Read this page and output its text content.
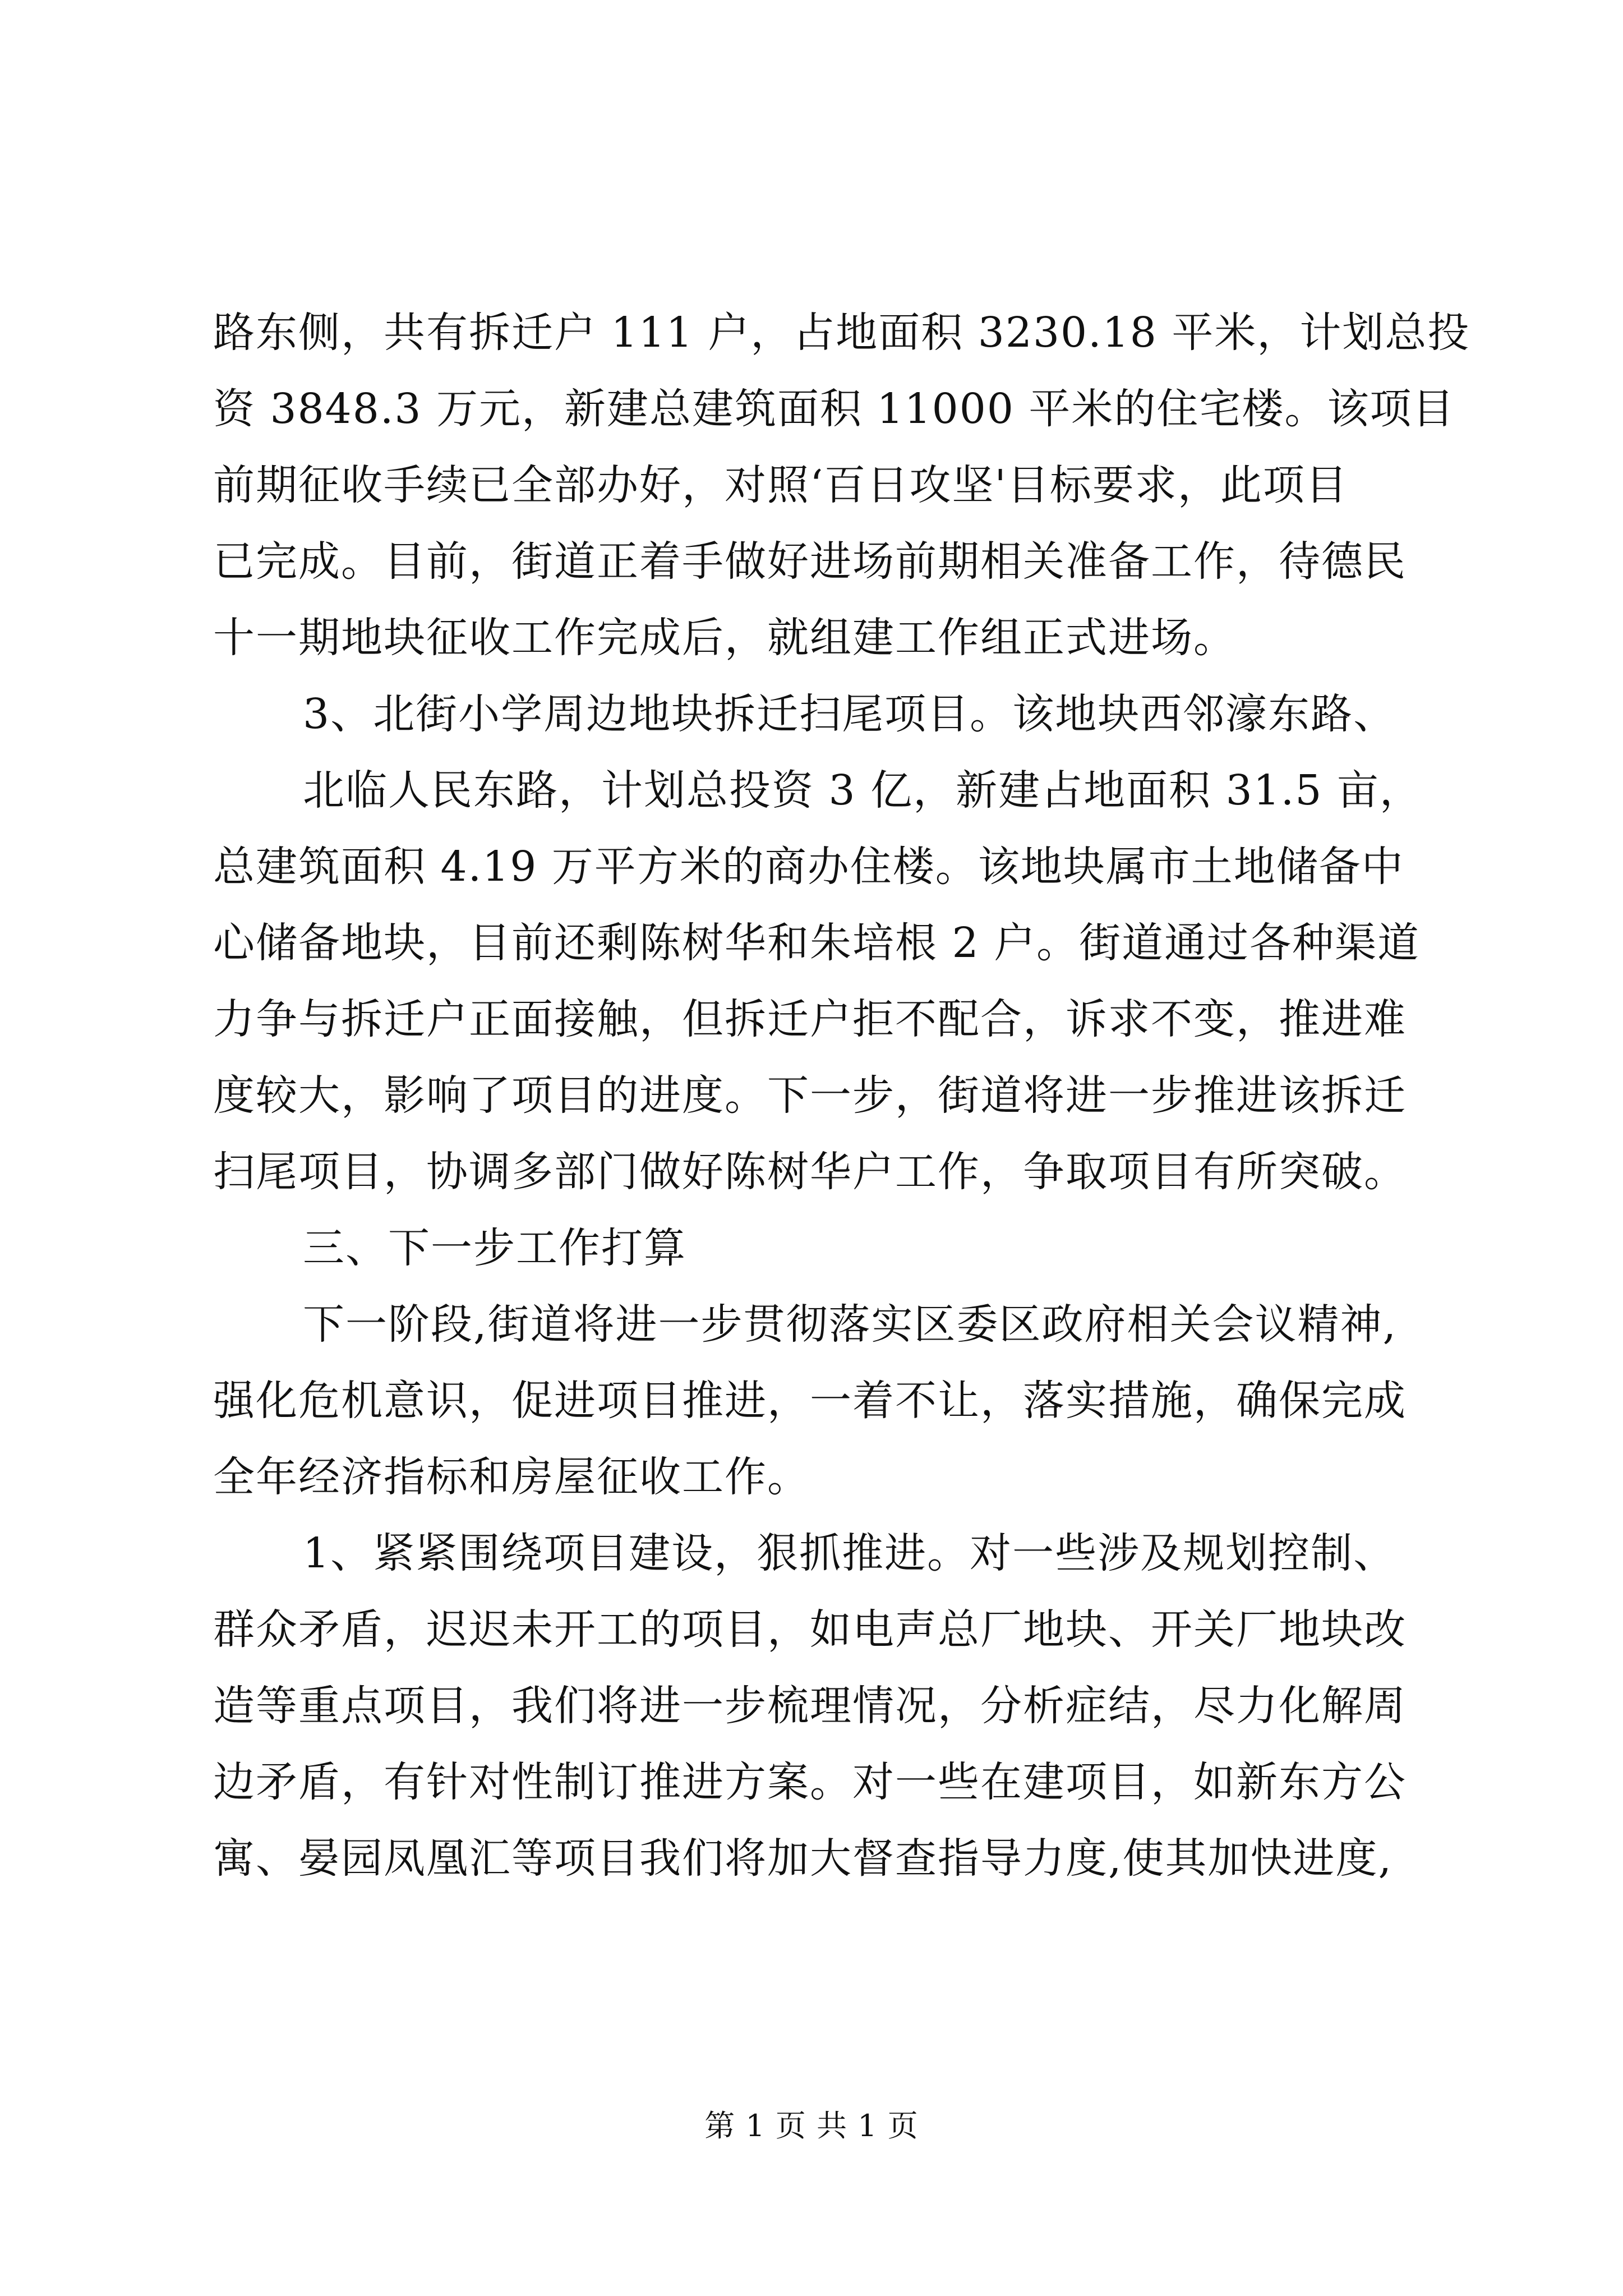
路东侧，共有拆迁户 111 户，占地面积 3230.18 平米，计划总投
资 3848.3 万元，新建总建筑面积 11000 平米的住宅楼。该项目
前期征收手续已全部办好，对照‘百日攻坚'目标要求，此项目
已完成。目前，街道正着手做好进场前期相关准备工作，待德民
十一期地块征收工作完成后，就组建工作组正式进场。
3、北街小学周边地块拆迁扫尾项目。该地块西邻濠东路、
北临人民东路，计划总投资 3 亿，新建占地面积 31.5 亩，
总建筑面积 4.19 万平方米的商办住楼。该地块属市土地储备中
心储备地块，目前还剩陈树华和朱培根 2 户。街道通过各种渠道
力争与拆迁户正面接触，但拆迁户拒不配合，诉求不变，推进难
度较大，影响了项目的进度。下一步，街道将进一步推进该拆迁
扫尾项目，协调多部门做好陈树华户工作，争取项目有所突破。
三、下一步工作打算
下一阶段,街道将进一步贯彻落实区委区政府相关会议精神,
强化危机意识，促进项目推进，一着不让，落实措施，确保完成
全年经济指标和房屋征收工作。
1、紧紧围绕项目建设，狠抓推进。对一些涉及规划控制、
群众矛盾，迟迟未开工的项目，如电声总厂地块、开关厂地块改
造等重点项目，我们将进一步梳理情况，分析症结，尽力化解周
边矛盾，有针对性制订推进方案。对一些在建项目，如新东方公
寓、晏园凤凰汇等项目我们将加大督查指导力度,使其加快进度,
第 1 页 共 1 页
